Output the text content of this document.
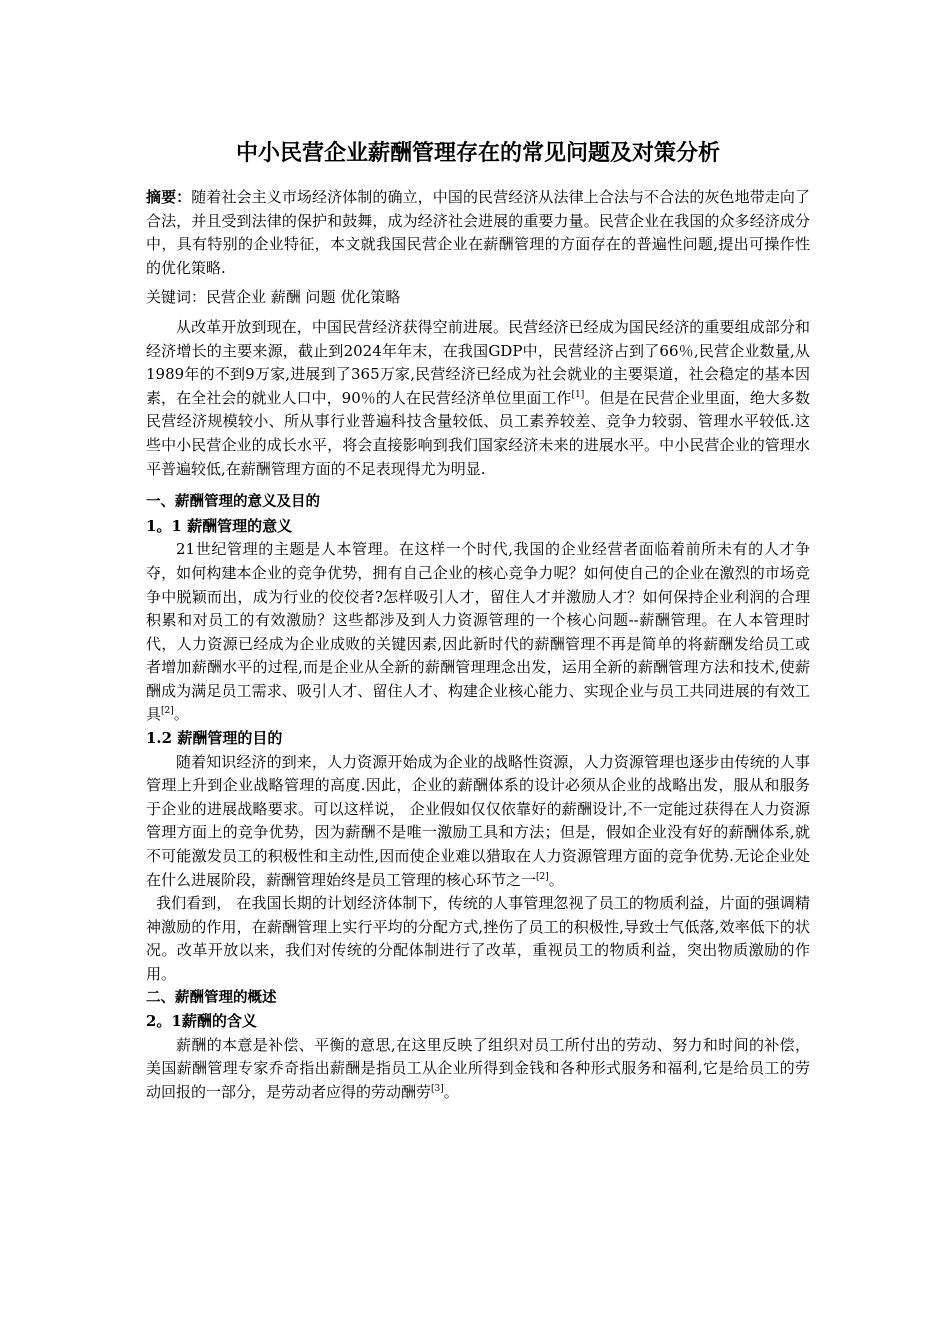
中小民营企业薪酬管理存在的常见问题及对策分析

摘要：随着社会主义市场经济体制的确立，中国的民营经济从法律上合法与不合法的灰色地带走向了合法，并且受到法律的保护和鼓舞，成为经济社会进展的重要力量。民营企业在我国的众多经济成分中，具有特别的企业特征，本文就我国民营企业在薪酬管理的方面存在的普遍性问题,提出可操作性的优化策略.

关键词：民营企业 薪酬 问题 优化策略

从改革开放到现在，中国民营经济获得空前进展。民营经济已经成为国民经济的重要组成部分和经济增长的主要来源，截止到2024年年末，在我国GDP中，民营经济占到了66％,民营企业数量,从1989年的不到9万家,进展到了365万家,民营经济已经成为社会就业的主要渠道，社会稳定的基本因素，在全社会的就业人口中，90％的人在民营经济单位里面工作[1]。但是在民营企业里面，绝大多数民营经济规模较小、所从事行业普遍科技含量较低、员工素养较差、竞争力较弱、管理水平较低.这些中小民营企业的成长水平，将会直接影响到我们国家经济未来的进展水平。中小民营企业的管理水平普遍较低,在薪酬管理方面的不足表现得尤为明显.

一、薪酬管理的意义及目的
1。1 薪酬管理的意义

21世纪管理的主题是人本管理。在这样一个时代,我国的企业经营者面临着前所未有的人才争夺，如何构建本企业的竞争优势，拥有自己企业的核心竞争力呢？如何使自己的企业在激烈的市场竞争中脱颖而出，成为行业的佼佼者?怎样吸引人才，留住人才并激励人才？如何保持企业利润的合理积累和对员工的有效激励？这些都涉及到人力资源管理的一个核心问题--薪酬管理。在人本管理时代，人力资源已经成为企业成败的关键因素,因此新时代的薪酬管理不再是简单的将薪酬发给员工或者增加薪酬水平的过程,而是企业从全新的薪酬管理理念出发，运用全新的薪酬管理方法和技术,使薪酬成为满足员工需求、吸引人才、留住人才、构建企业核心能力、实现企业与员工共同进展的有效工具[2]。

1.2 薪酬管理的目的

随着知识经济的到来，人力资源开始成为企业的战略性资源，人力资源管理也逐步由传统的人事管理上升到企业战略管理的高度.因此，企业的薪酬体系的设计必须从企业的战略出发，服从和服务于企业的进展战略要求。可以这样说， 企业假如仅仅依靠好的薪酬设计,不一定能过获得在人力资源管理方面上的竞争优势，因为薪酬不是唯一激励工具和方法；但是，假如企业没有好的薪酬体系,就不可能激发员工的积极性和主动性,因而使企业难以猎取在人力资源管理方面的竞争优势.无论企业处在什么进展阶段，薪酬管理始终是员工管理的核心环节之一[2]。

我们看到， 在我国长期的计划经济体制下，传统的人事管理忽视了员工的物质利益，片面的强调精神激励的作用，在薪酬管理上实行平均的分配方式,挫伤了员工的积极性,导致士气低落,效率低下的状况。改革开放以来，我们对传统的分配体制进行了改革，重视员工的物质利益，突出物质激励的作用。

二、薪酬管理的概述
2。1薪酬的含义

薪酬的本意是补偿、平衡的意思,在这里反映了组织对员工所付出的劳动、努力和时间的补偿，美国薪酬管理专家乔奇指出薪酬是指员工从企业所得到金钱和各种形式服务和福利,它是给员工的劳动回报的一部分，是劳动者应得的劳动酬劳[3]。
